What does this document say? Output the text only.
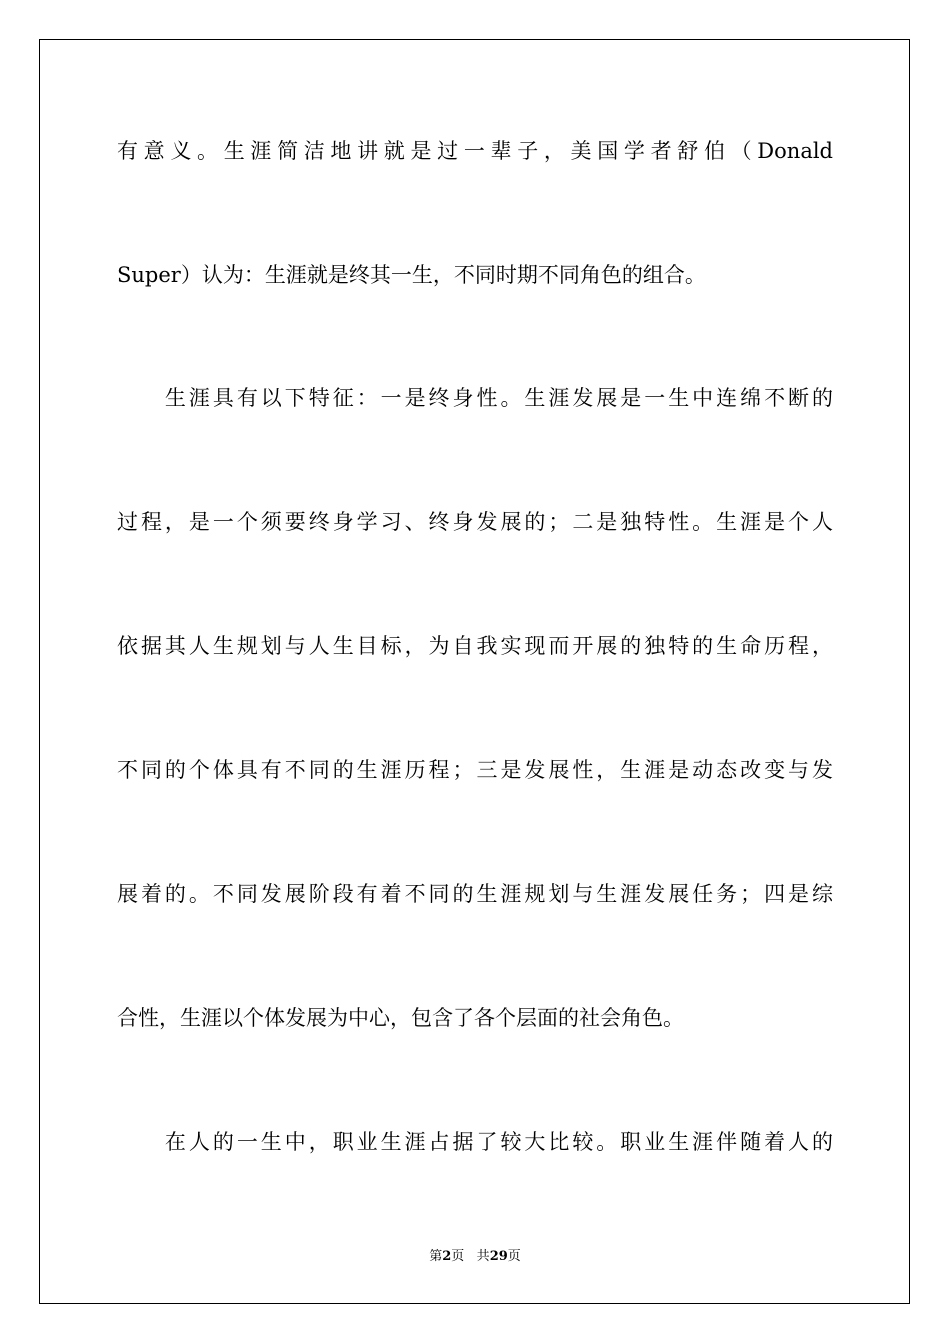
有意义。生涯简洁地讲就是过一辈子，美国学者舒伯（Donald
Super）认为：生涯就是终其一生，不同时期不同角色的组合。
　　生涯具有以下特征：一是终身性。生涯发展是一生中连绵不断的
过程，是一个须要终身学习、终身发展的；二是独特性。生涯是个人
依据其人生规划与人生目标，为自我实现而开展的独特的生命历程，
不同的个体具有不同的生涯历程；三是发展性，生涯是动态改变与发
展着的。不同发展阶段有着不同的生涯规划与生涯发展任务；四是综
合性，生涯以个体发展为中心，包含了各个层面的社会角色。
　　在人的一生中，职业生涯占据了较大比较。职业生涯伴随着人的
第2页 共29页
